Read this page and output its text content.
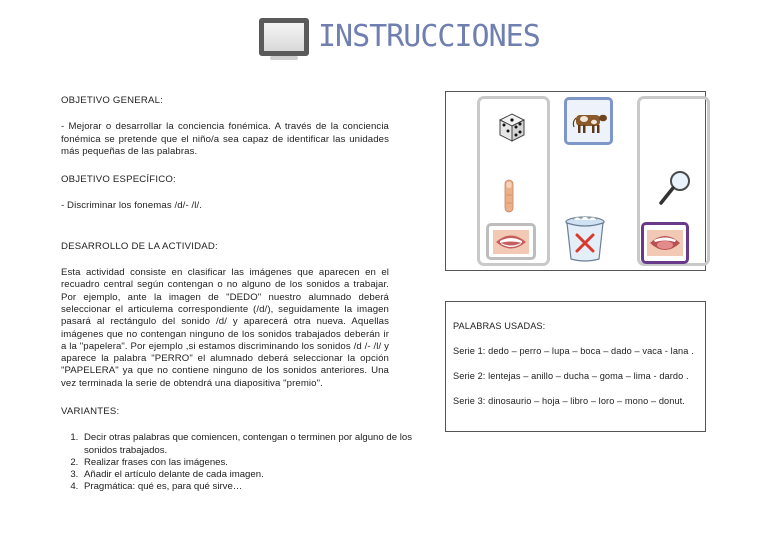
INSTRUCCIONES

OBJETIVO GENERAL:

- Mejorar o desarrollar la conciencia fonémica. A través de la conciencia fonémica se pretende que el niño/a sea capaz de identificar las unidades más pequeñas de las palabras.

OBJETIVO ESPECÍFICO:

- Discriminar los fonemas /d/- /l/.

DESARROLLO DE LA ACTIVIDAD:

Esta actividad consiste en clasificar las imágenes que aparecen en el recuadro central según contengan o no alguno de los sonidos a trabajar. Por ejemplo, ante la imagen de "DEDO" nuestro alumnado deberá seleccionar el articulema correspondiente (/d/), seguidamente la imagen pasará al rectángulo del sonido /d/ y aparecerá otra nueva. Aquellas imágenes que no contengan ninguno de los sonidos trabajados deberán ir a la "papelera". Por ejemplo ,si estamos discriminando los sonidos /d /- /l/ y aparece la palabra "PERRO" el alumnado deberá seleccionar la opción "PAPELERA" ya que no contiene ninguno de los sonidos anteriores. Una vez terminada la serie de obtendrá una diapositiva "premio".

VARIANTES:

1. Decir otras palabras que comiencen, contengan o terminen por alguno de los sonidos trabajados.
2. Realizar frases con las imágenes.
3. Añadir el artículo delante de cada imagen.
4. Pragmática: qué es, para qué sirve…

PALABRAS USADAS:

Serie 1: dedo – perro – lupa – boca – dado – vaca - lana .

Serie 2: lentejas – anillo – ducha – goma – lima - dardo .

Serie 3: dinosaurio – hoja – libro – loro – mono – donut.
